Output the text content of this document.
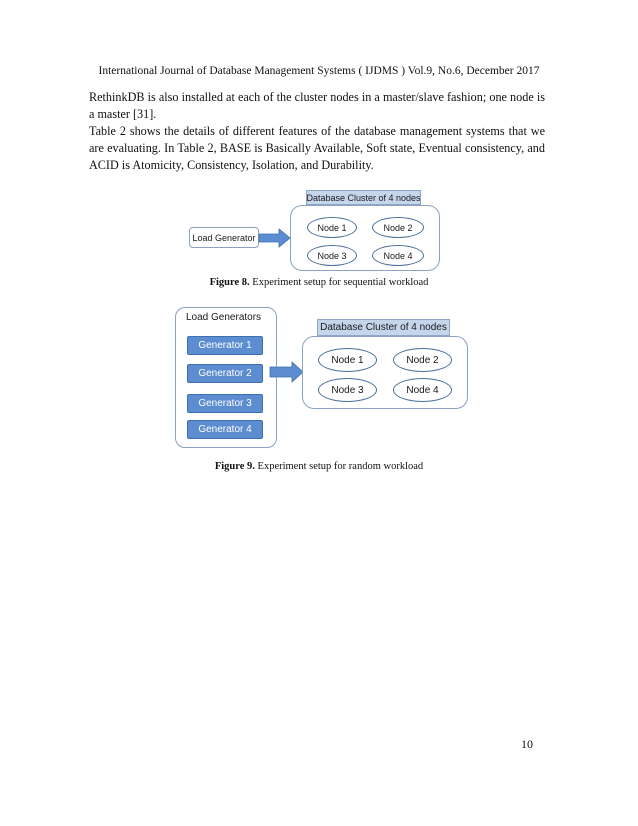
International Journal of Database Management Systems ( IJDMS ) Vol.9, No.6, December 2017

RethinkDB is also installed at each of the cluster nodes in a master/slave fashion; one node is a master [31].

Table 2 shows the details of different features of the database management systems that we are evaluating. In Table 2, BASE is Basically Available, Soft state, Eventual consistency, and ACID is Atomicity, Consistency, Isolation, and Durability.

Database Cluster of 4 nodes
Node 1	Node 2
Node 3	Node 4
Load Generator
Figure 8. Experiment setup for sequential workload
Load Generators
Generator 1
Generator 2
Generator 3
Generator 4
Database Cluster of 4 nodes
Node 1	Node 2
Node 3	Node 4
Figure 9. Experiment setup for random workload
10
